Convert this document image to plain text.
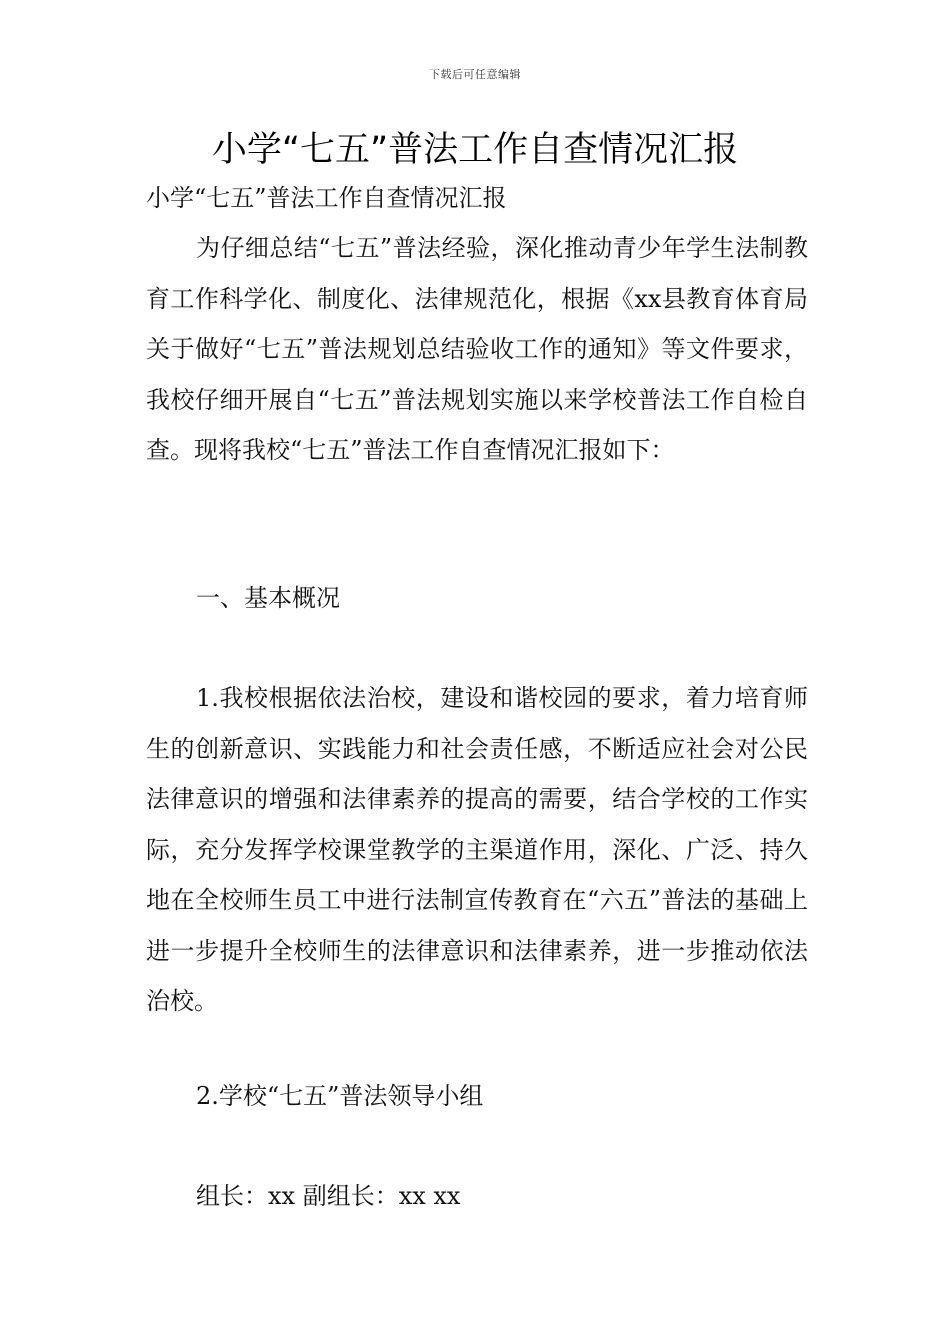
下载后可任意编辑
小学“七五”普法工作自查情况汇报
小学“七五”普法工作自查情况汇报

为仔细总结“七五”普法经验，深化推动青少年学生法制教育工作科学化、制度化、法律规范化，根据《xx县教育体育局关于做好“七五”普法规划总结验收工作的通知》等文件要求，我校仔细开展自“七五”普法规划实施以来学校普法工作自检自查。现将我校“七五”普法工作自查情况汇报如下：

一、基本概况

1.我校根据依法治校，建设和谐校园的要求，着力培育师生的创新意识、实践能力和社会责任感，不断适应社会对公民法律意识的增强和法律素养的提高的需要，结合学校的工作实际，充分发挥学校课堂教学的主渠道作用，深化、广泛、持久地在全校师生员工中进行法制宣传教育在“六五”普法的基础上进一步提升全校师生的法律意识和法律素养，进一步推动依法治校。

2.学校“七五”普法领导小组

组长：xx 副组长：xx xx
